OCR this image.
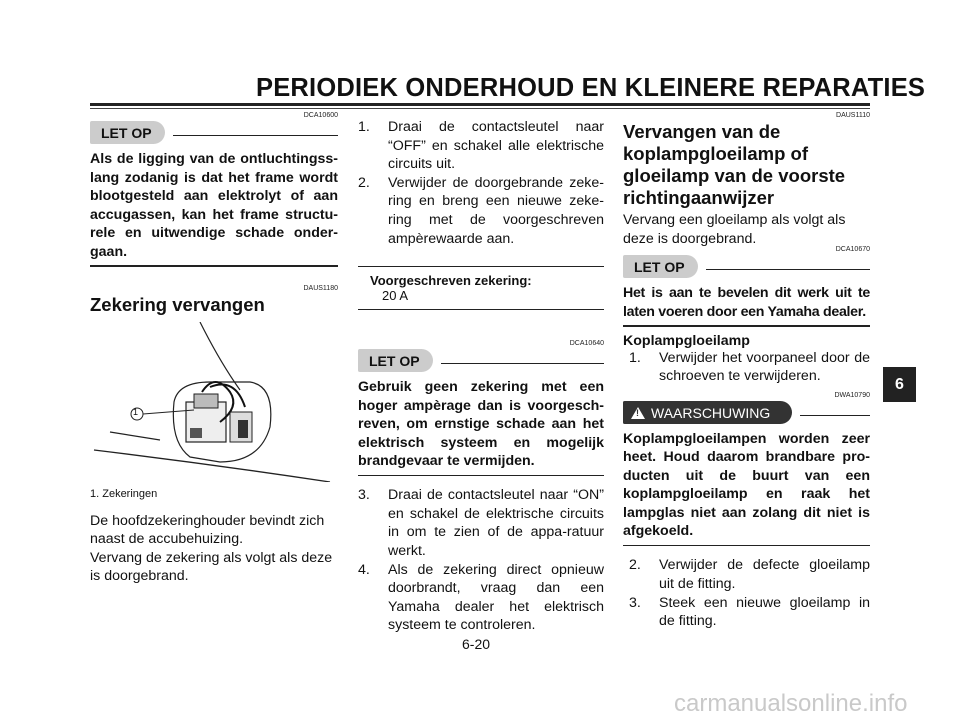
PERIODIEK ONDERHOUD EN KLEINERE REPARATIES
DCA10600
LET OP
Als de ligging van de ontluchtingss-lang zodanig is dat het frame wordt blootgesteld aan elektrolyt of aan accugassen, kan het frame structu-rele en uitwendige schade onder-gaan.
DAUS1180
Zekering vervangen
1
1. Zekeringen

De hoofdzekeringhouder bevindt zich naast de accubehuizing.

Vervang de zekering als volgt als deze is doorgebrand.

1. Draai de contactsleutel naar “OFF” en schakel alle elektrische circuits uit.
2. Verwijder de doorgebrande zeke-ring en breng een nieuwe zeke-ring met de voorgeschreven ampèrewaarde aan.
Voorgeschreven zekering:
20 A
DCA10640
LET OP
Gebruik geen zekering met een hoger ampèrage dan is voorgesch-reven, om ernstige schade aan het elektrisch systeem en mogelijk brandgevaar te vermijden.
3. Draai de contactsleutel naar “ON” en schakel de elektrische circuits in om te zien of de appa-ratuur werkt.
4. Als de zekering direct opnieuw doorbrandt, vraag dan een Yamaha dealer het elektrisch systeem te controleren.
DAUS1110
Vervangen van de koplampgloeilamp of gloeilamp van de voorste richtingaanwijzer

Vervang een gloeilamp als volgt als deze is doorgebrand.

DCA10670
LET OP
Het is aan te bevelen dit werk uit te laten voeren door een Yamaha dealer.
Koplampgloeilamp
1. Verwijder het voorpaneel door de schroeven te verwijderen.
DWA10790
!
WAARSCHUWING
Koplampgloeilampen worden zeer heet. Houd daarom brandbare pro-ducten uit de buurt van een koplampgloeilamp en raak het lampglas niet aan zolang dit niet is afgekoeld.
2. Verwijder de defecte gloeilamp uit de fitting.
3. Steek een nieuwe gloeilamp in de fitting.
6
6-20
carmanualsonline.info
